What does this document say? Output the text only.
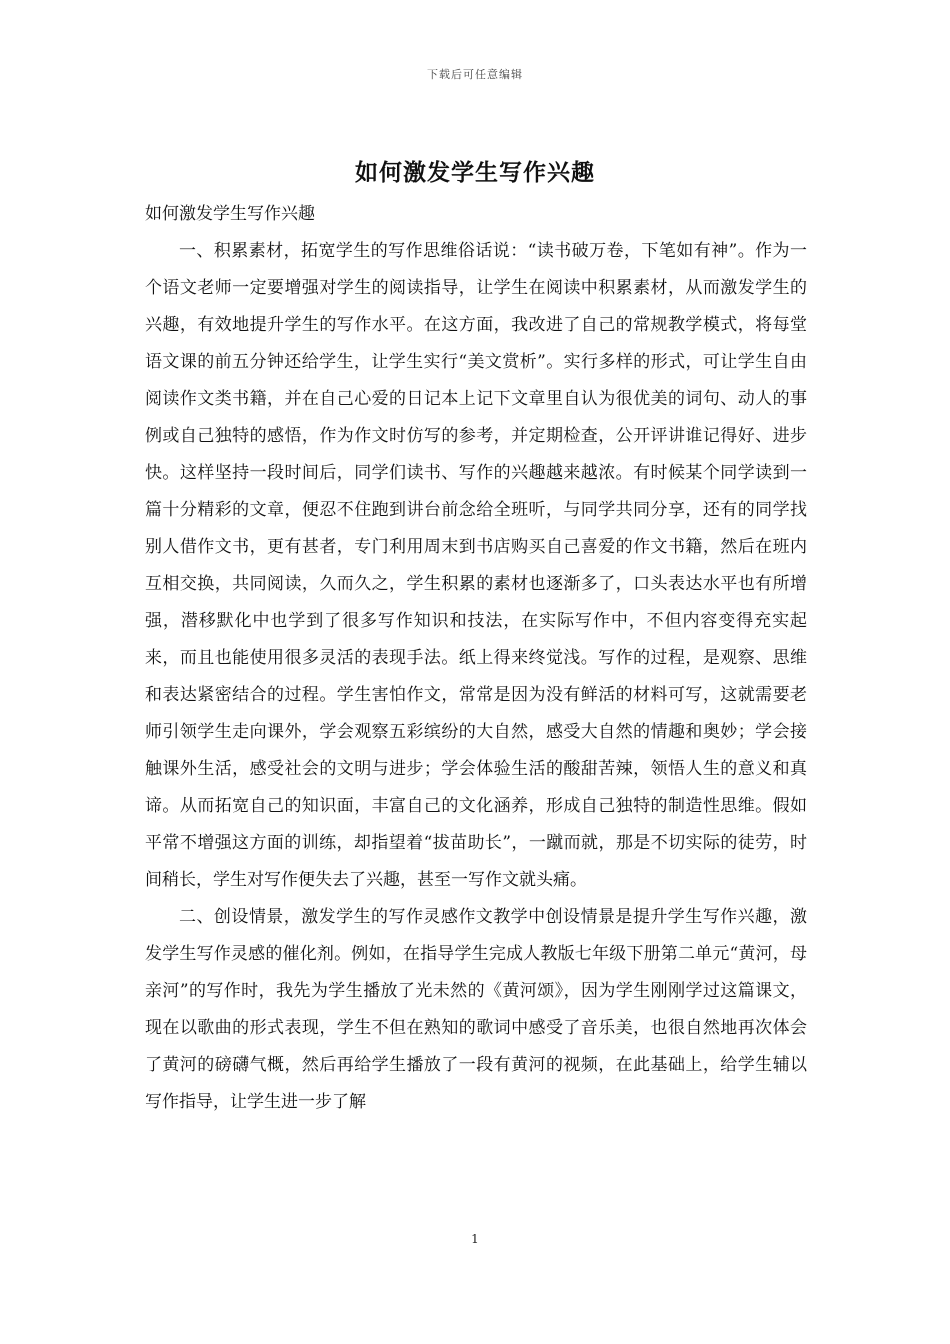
下载后可任意编辑
如何激发学生写作兴趣

如何激发学生写作兴趣

一、积累素材，拓宽学生的写作思维俗话说：“读书破万卷，下笔如有神”。作为一个语文老师一定要增强对学生的阅读指导，让学生在阅读中积累素材，从而激发学生的兴趣，有效地提升学生的写作水平。在这方面，我改进了自己的常规教学模式，将每堂语文课的前五分钟还给学生，让学生实行“美文赏析”。实行多样的形式，可让学生自由阅读作文类书籍，并在自己心爱的日记本上记下文章里自认为很优美的词句、动人的事例或自己独特的感悟，作为作文时仿写的参考，并定期检查，公开评讲谁记得好、进步快。这样坚持一段时间后，同学们读书、写作的兴趣越来越浓。有时候某个同学读到一篇十分精彩的文章，便忍不住跑到讲台前念给全班听，与同学共同分享，还有的同学找别人借作文书，更有甚者，专门利用周末到书店购买自己喜爱的作文书籍，然后在班内互相交换，共同阅读，久而久之，学生积累的素材也逐渐多了，口头表达水平也有所增强，潜移默化中也学到了很多写作知识和技法，在实际写作中，不但内容变得充实起来，而且也能使用很多灵活的表现手法。纸上得来终觉浅。写作的过程，是观察、思维和表达紧密结合的过程。学生害怕作文，常常是因为没有鲜活的材料可写，这就需要老师引领学生走向课外，学会观察五彩缤纷的大自然，感受大自然的情趣和奥妙；学会接触课外生活，感受社会的文明与进步；学会体验生活的酸甜苦辣，领悟人生的意义和真谛。从而拓宽自己的知识面，丰富自己的文化涵养，形成自己独特的制造性思维。假如平常不增强这方面的训练，却指望着“拔苗助长”，一蹴而就，那是不切实际的徒劳，时间稍长，学生对写作便失去了兴趣，甚至一写作文就头痛。

二、创设情景，激发学生的写作灵感作文教学中创设情景是提升学生写作兴趣，激发学生写作灵感的催化剂。例如，在指导学生完成人教版七年级下册第二单元“黄河，母亲河”的写作时，我先为学生播放了光未然的《黄河颂》，因为学生刚刚学过这篇课文，现在以歌曲的形式表现，学生不但在熟知的歌词中感受了音乐美，也很自然地再次体会了黄河的磅礴气概，然后再给学生播放了一段有黄河的视频，在此基础上，给学生辅以写作指导，让学生进一步了解

1
